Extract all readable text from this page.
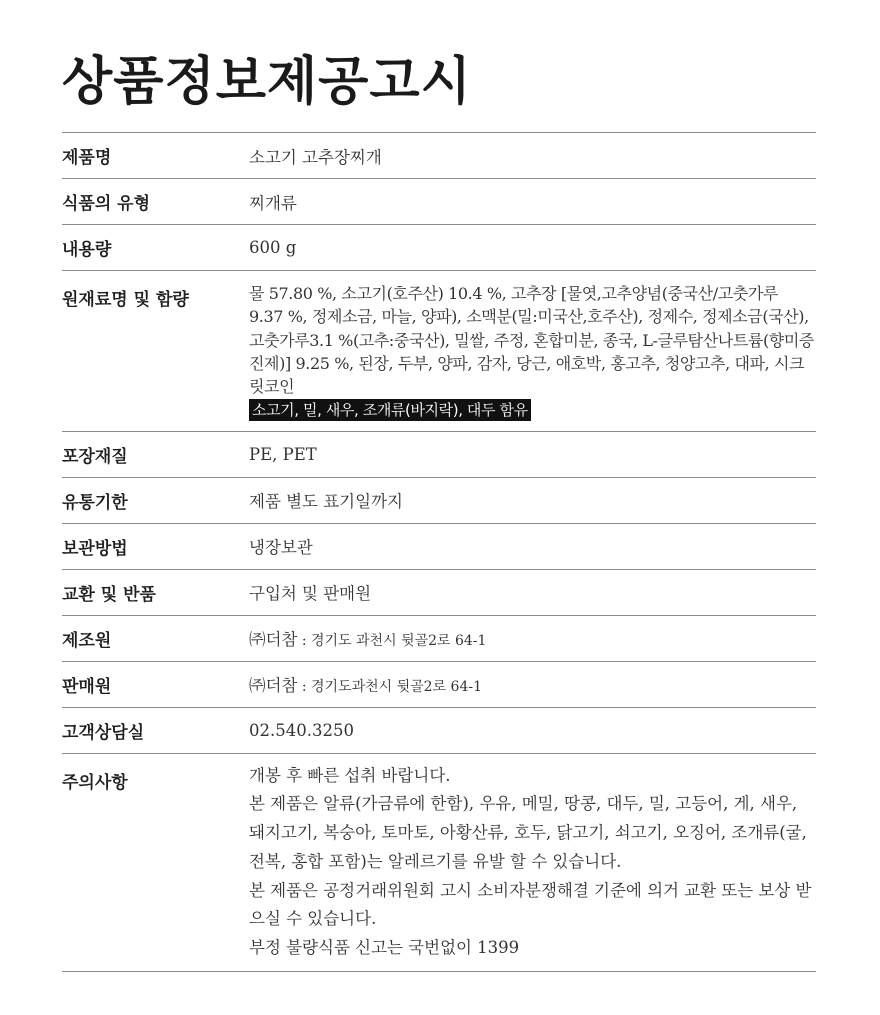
상품정보제공고시
제품명	소고기 고추장찌개
식품의 유형	찌개류
내용량	600 g
원재료명 및 함량	물 57.80 %, 소고기(호주산) 10.4 %, 고추장 [물엿,고추양념(중국산/고춧가루 9.37 %, 정제소금, 마늘, 양파), 소맥분(밀:미국산,호주산), 정제수, 정제소금(국산), 고춧가루3.1 %(고추:중국산), 밀쌀, 주정, 혼합미분, 종국, L-글루탐산나트륨(향미증진제)] 9.25 %, 된장, 두부, 양파, 감자, 당근, 애호박, 홍고추, 청양고추, 대파, 시크릿코인
소고기, 밀, 새우, 조개류(바지락), 대두 함유
포장재질	PE, PET
유통기한	제품 별도 표기일까지
보관방법	냉장보관
교환 및 반품	구입처 및 판매원
제조원	㈜더참 : 경기도 과천시 뒷골2로 64-1
판매원	㈜더참 : 경기도과천시 뒷골2로 64-1
고객상담실	02.540.3250
주의사항	개봉 후 빠른 섭취 바랍니다.
본 제품은 알류(가금류에 한함), 우유, 메밀, 땅콩, 대두, 밀, 고등어, 게, 새우, 돼지고기, 복숭아, 토마토, 아황산류, 호두, 닭고기, 쇠고기, 오징어, 조개류(굴, 전복, 홍합 포함)는 알레르기를 유발 할 수 있습니다.
본 제품은 공정거래위원회 고시 소비자분쟁해결 기준에 의거 교환 또는 보상 받으실 수 있습니다.
부정 불량식품 신고는 국번없이 1399
